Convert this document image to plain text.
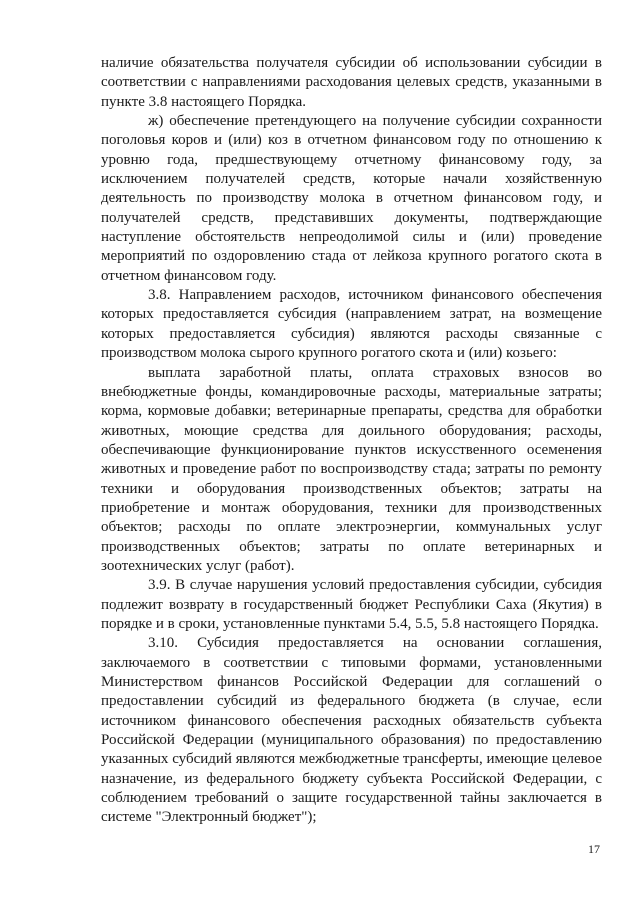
наличие обязательства получателя субсидии об использовании субсидии в соответствии с направлениями расходования целевых средств, указанными в пункте 3.8 настоящего Порядка.

ж) обеспечение претендующего на получение субсидии сохранности поголовья коров и (или) коз в отчетном финансовом году по отношению к уровню года, предшествующему отчетному финансовому году, за исключением получателей средств, которые начали хозяйственную деятельность по производству молока в отчетном финансовом году, и получателей средств, представивших документы, подтверждающие наступление обстоятельств непреодолимой силы и (или) проведение мероприятий по оздоровлению стада от лейкоза крупного рогатого скота в отчетном финансовом году.

3.8. Направлением расходов, источником финансового обеспечения которых предоставляется субсидия (направлением затрат, на возмещение которых предоставляется субсидия) являются расходы связанные с производством молока сырого крупного рогатого скота и (или) козьего:

выплата заработной платы, оплата страховых взносов во внебюджетные фонды, командировочные расходы, материальные затраты; корма, кормовые добавки; ветеринарные препараты, средства для обработки животных, моющие средства для доильного оборудования; расходы, обеспечивающие функционирование пунктов искусственного осеменения животных и проведение работ по воспроизводству стада; затраты по ремонту техники и оборудования производственных объектов; затраты на приобретение и монтаж оборудования, техники для производственных объектов; расходы по оплате электроэнергии, коммунальных услуг производственных объектов; затраты по оплате ветеринарных и зоотехнических услуг (работ).

3.9. В случае нарушения условий предоставления субсидии, субсидия подлежит возврату в государственный бюджет Республики Саха (Якутия) в порядке и в сроки, установленные пунктами 5.4, 5.5, 5.8 настоящего Порядка.

3.10. Субсидия предоставляется на основании соглашения, заключаемого в соответствии с типовыми формами, установленными Министерством финансов Российской Федерации для соглашений о предоставлении субсидий из федерального бюджета (в случае, если источником финансового обеспечения расходных обязательств субъекта Российской Федерации (муниципального образования) по предоставлению указанных субсидий являются межбюджетные трансферты, имеющие целевое назначение, из федерального бюджету субъекта Российской Федерации, с соблюдением требований о защите государственной тайны заключается в системе "Электронный бюджет");

17
